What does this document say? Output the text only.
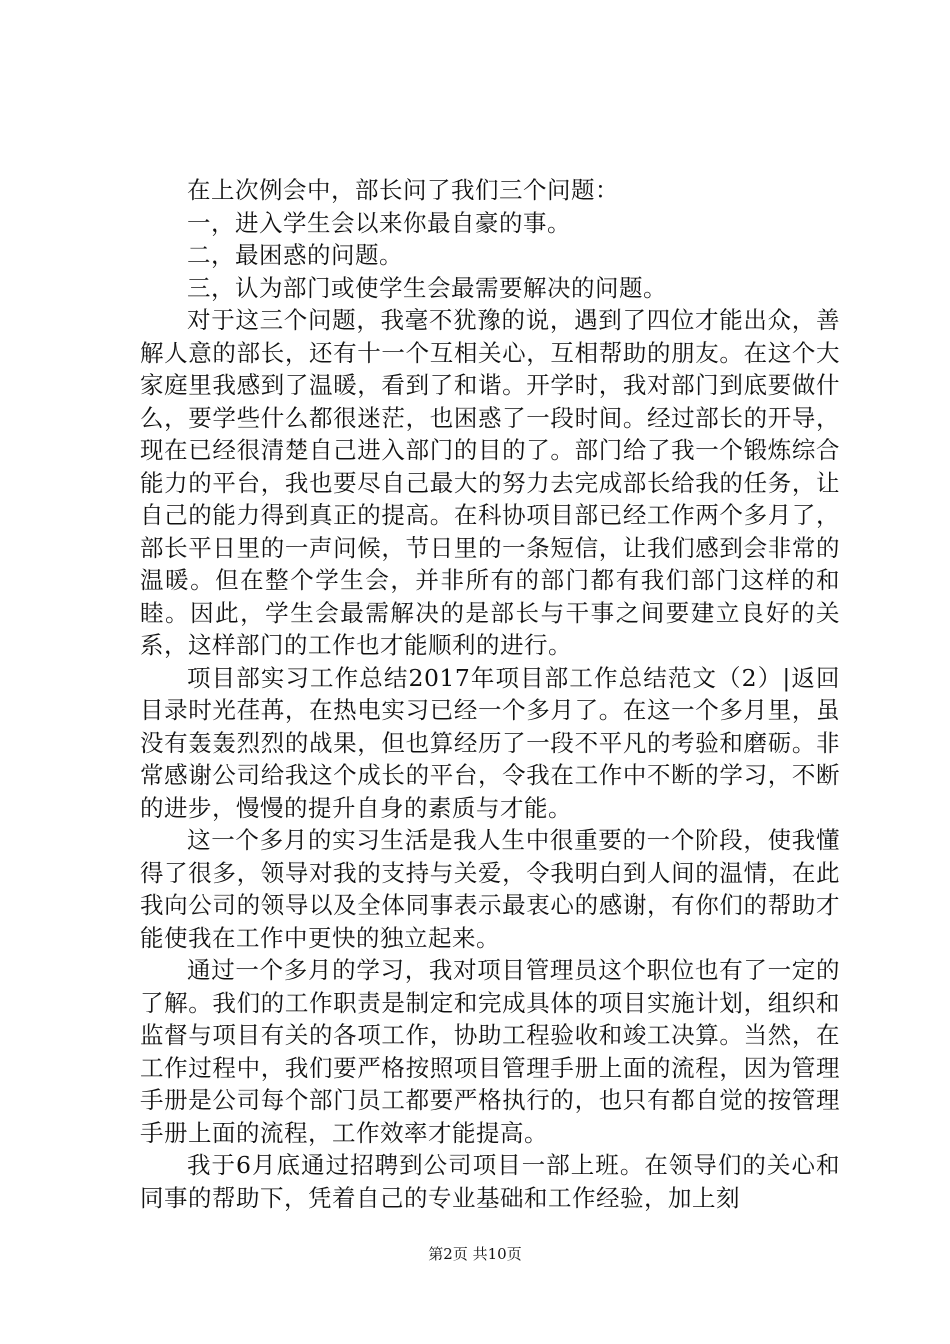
在上次例会中，部长问了我们三个问题：

一，进入学生会以来你最自豪的事。

二，最困惑的问题。

三，认为部门或使学生会最需要解决的问题。

对于这三个问题，我毫不犹豫的说，遇到了四位才能出众，善解人意的部长，还有十一个互相关心，互相帮助的朋友。在这个大家庭里我感到了温暖，看到了和谐。开学时，我对部门到底要做什么，要学些什么都很迷茫，也困惑了一段时间。经过部长的开导，现在已经很清楚自己进入部门的目的了。部门给了我一个锻炼综合能力的平台，我也要尽自己最大的努力去完成部长给我的任务，让自己的能力得到真正的提高。在科协项目部已经工作两个多月了，部长平日里的一声问候，节日里的一条短信，让我们感到会非常的温暖。但在整个学生会，并非所有的部门都有我们部门这样的和睦。因此，学生会最需解决的是部长与干事之间要建立良好的关系，这样部门的工作也才能顺利的进行。

项目部实习工作总结2017年项目部工作总结范文（2）|返回目录时光荏苒，在热电实习已经一个多月了。在这一个多月里，虽没有轰轰烈烈的战果，但也算经历了一段不平凡的考验和磨砺。非常感谢公司给我这个成长的平台，令我在工作中不断的学习，不断的进步，慢慢的提升自身的素质与才能。

这一个多月的实习生活是我人生中很重要的一个阶段，使我懂得了很多，领导对我的支持与关爱，令我明白到人间的温情，在此我向公司的领导以及全体同事表示最衷心的感谢，有你们的帮助才能使我在工作中更快的独立起来。

通过一个多月的学习，我对项目管理员这个职位也有了一定的了解。我们的工作职责是制定和完成具体的项目实施计划，组织和监督与项目有关的各项工作，协助工程验收和竣工决算。当然，在工作过程中，我们要严格按照项目管理手册上面的流程，因为管理手册是公司每个部门员工都要严格执行的，也只有都自觉的按管理手册上面的流程，工作效率才能提高。

我于6月底通过招聘到公司项目一部上班。在领导们的关心和同事的帮助下，凭着自己的专业基础和工作经验，加上刻

第2页 共10页
